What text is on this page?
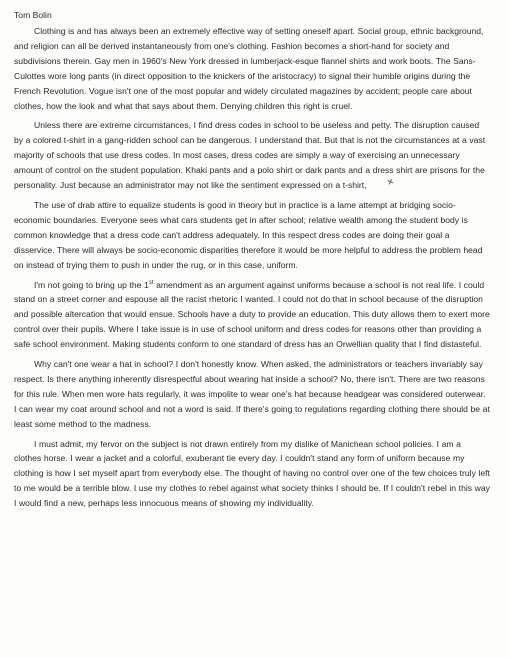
Tom Bolin

Clothing is and has always been an extremely effective way of setting oneself apart. Social group, ethnic background, and religion can all be derived instantaneously from one's clothing. Fashion becomes a short-hand for society and subdivisions therein. Gay men in 1960's New York dressed in lumberjack-esque flannel shirts and work boots. The Sans-Culottes wore long pants (in direct opposition to the knickers of the aristocracy) to signal their humble origins during the French Revolution. Vogue isn't one of the most popular and widely circulated magazines by accident; people care about clothes, how the look and what that says about them. Denying children this right is cruel.

Unless there are extreme circumstances, I find dress codes in school to be useless and petty. The disruption caused by a colored t-shirt in a gang-ridden school can be dangerous. I understand that. But that is not the circumstances at a vast majority of schools that use dress codes. In most cases, dress codes are simply a way of exercising an unnecessary amount of control on the student population. Khaki pants and a polo shirt or dark pants and a dress shirt are prisons for the personality. Just because an administrator may not like the sentiment expressed on a t-shirt, ✕

The use of drab attire to equalize students is good in theory but in practice is a lame attempt at bridging socio-economic boundaries. Everyone sees what cars students get in after school; relative wealth among the student body is common knowledge that a dress code can't address adequately. In this respect dress codes are doing their goal a disservice. There will always be socio-economic disparities therefore it would be more helpful to address the problem head on instead of trying them to push in under the rug, or in this case, uniform.

I'm not going to bring up the 1st amendment as an argument against uniforms because a school is not real life. I could stand on a street corner and espouse all the racist rhetoric I wanted. I could not do that in school because of the disruption and possible altercation that would ensue. Schools have a duty to provide an education. This duty allows them to exert more control over their pupils. Where I take issue is in use of school uniform and dress codes for reasons other than providing a safe school environment. Making students conform to one standard of dress has an Orwellian quality that I find distasteful.

Why can't one wear a hat in school? I don't honestly know. When asked, the administrators or teachers invariably say respect. Is there anything inherently disrespectful about wearing hat inside a school? No, there isn't. There are two reasons for this rule. When men wore hats regularly, it was impolite to wear one's hat because headgear was considered outerwear. I can wear my coat around school and not a word is said. If there's going to regulations regarding clothing there should be at least some method to the madness.

I must admit, my fervor on the subject is not drawn entirely from my dislike of Manichean school policies. I am a clothes horse. I wear a jacket and a colorful, exuberant tie every day. I couldn't stand any form of uniform because my clothing is how I set myself apart from everybody else. The thought of having no control over one of the few choices truly left to me would be a terrible blow. I use my clothes to rebel against what society thinks I should be. If I couldn't rebel in this way I would find a new, perhaps less innocuous means of showing my individuality.
